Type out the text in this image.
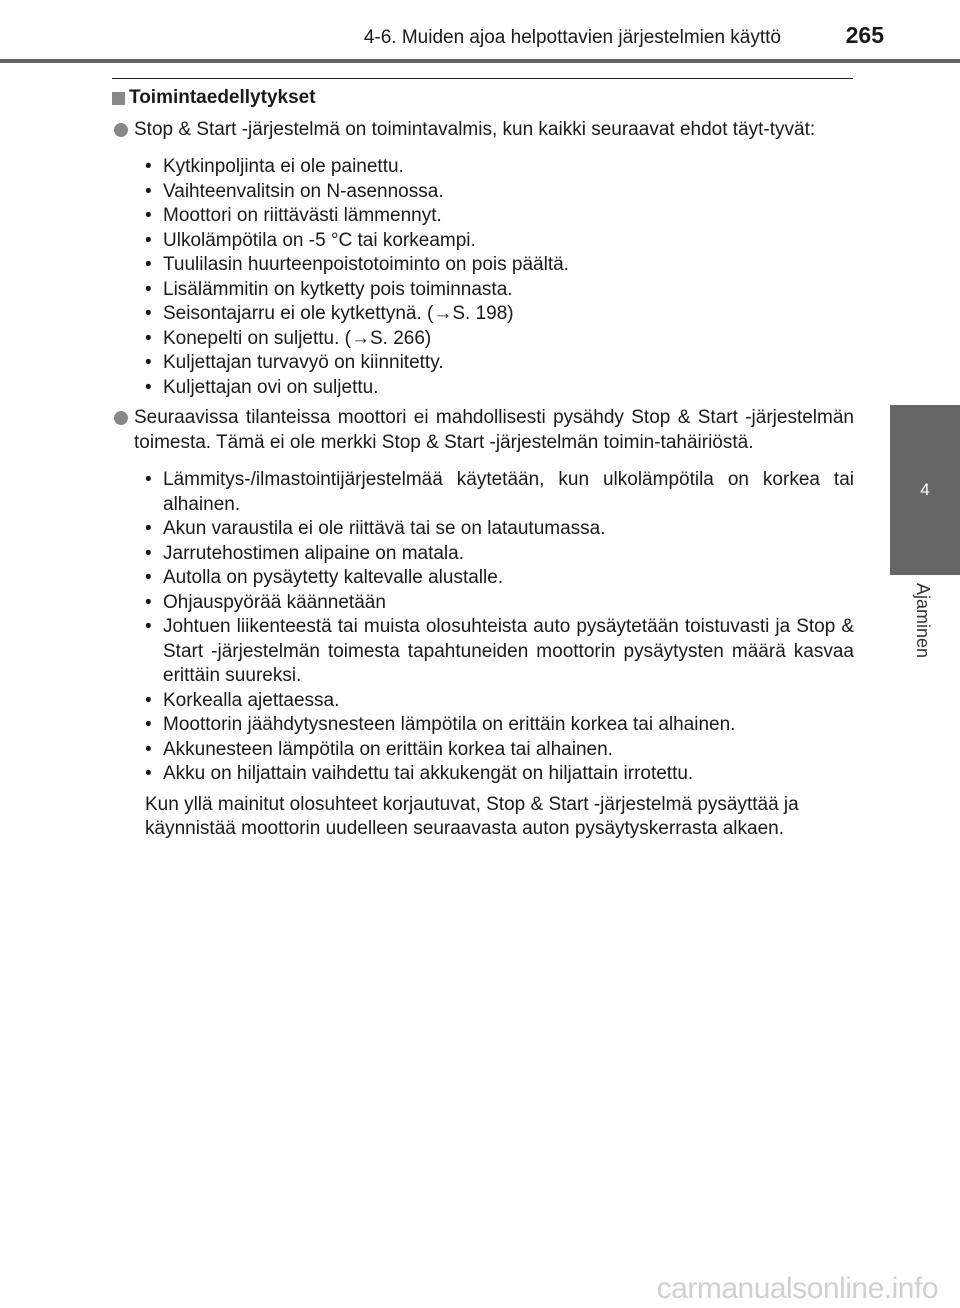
4-6. Muiden ajoa helpottavien järjestelmien käyttö	265
4
Ajaminen
Toimintaedellytykset
Stop & Start -järjestelmä on toimintavalmis, kun kaikki seuraavat ehdot täyt-tyvät:
• Kytkinpoljinta ei ole painettu.
• Vaihteenvalitsin on N-asennossa.
• Moottori on riittävästi lämmennyt.
• Ulkolämpötila on -5 °C tai korkeampi.
• Tuulilasin huurteenpoistotoiminto on pois päältä.
• Lisälämmitin on kytketty pois toiminnasta.
• Seisontajarru ei ole kytkettynä. (→S. 198)
• Konepelti on suljettu. (→S. 266)
• Kuljettajan turvavyö on kiinnitetty.
• Kuljettajan ovi on suljettu.
Seuraavissa tilanteissa moottori ei mahdollisesti pysähdy Stop & Start -järjestelmän toimesta. Tämä ei ole merkki Stop & Start -järjestelmän toimin-tahäiriöstä.
• Lämmitys-/ilmastointijärjestelmää käytetään, kun ulkolämpötila on korkea tai alhainen.
• Akun varaustila ei ole riittävä tai se on latautumassa.
• Jarrutehostimen alipaine on matala.
• Autolla on pysäytetty kaltevalle alustalle.
• Ohjauspyörää käännetään
• Johtuen liikenteestä tai muista olosuhteista auto pysäytetään toistuvasti ja Stop & Start -järjestelmän toimesta tapahtuneiden moottorin pysäytysten määrä kasvaa erittäin suureksi.
• Korkealla ajettaessa.
• Moottorin jäähdytysnesteen lämpötila on erittäin korkea tai alhainen.
• Akkunesteen lämpötila on erittäin korkea tai alhainen.
• Akku on hiljattain vaihdettu tai akkukengät on hiljattain irrotettu.
Kun yllä mainitut olosuhteet korjautuvat, Stop & Start -järjestelmä pysäyttää ja käynnistää moottorin uudelleen seuraavasta auton pysäytyskerrasta alkaen.
carmanualsonline.info
